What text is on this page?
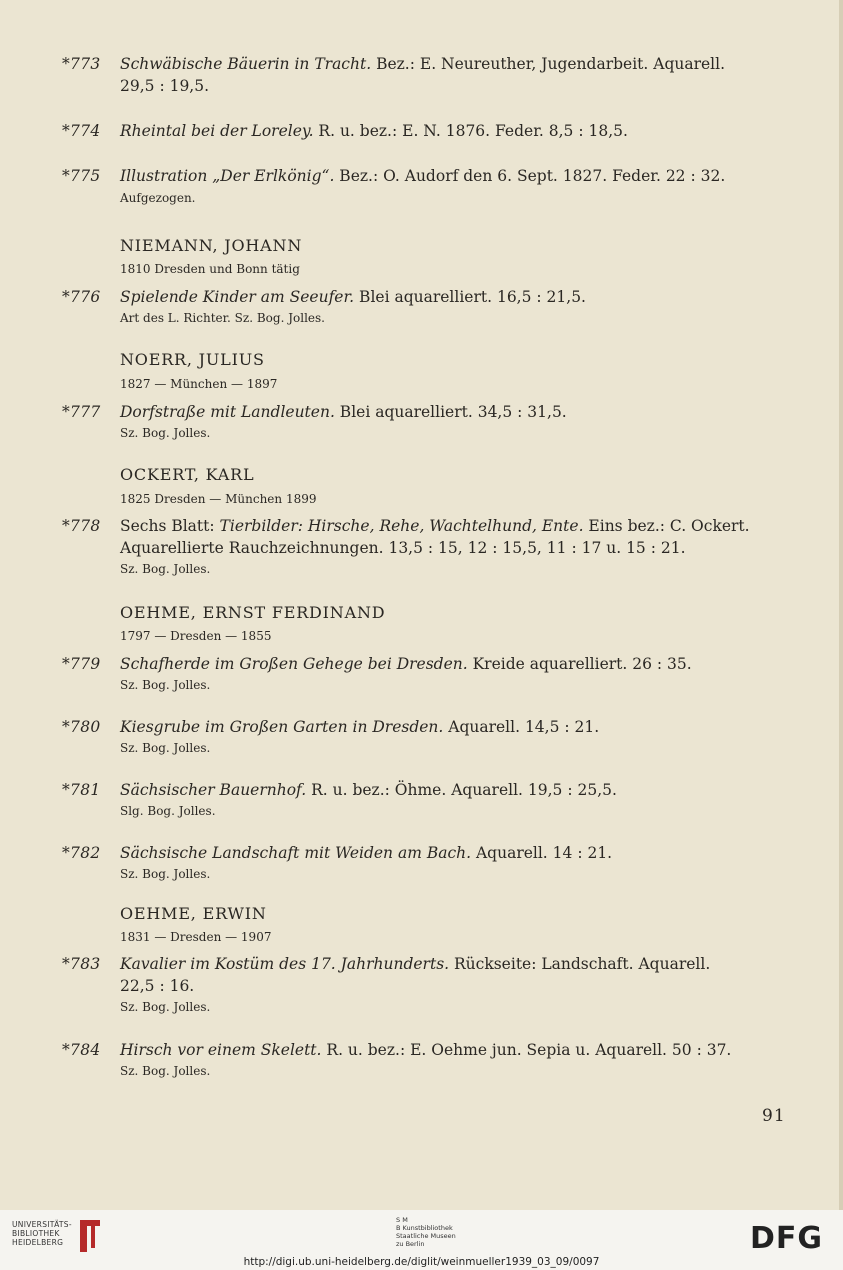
*773 Schwäbische Bäuerin in Tracht. Bez.: E. Neureuther, Jugendarbeit. Aquarell.
29,5 : 19,5.
*774 Rheintal bei der Loreley. R. u. bez.: E. N. 1876. Feder. 8,5 : 18,5.
*775 Illustration „Der Erlkönig“. Bez.: O. Audorf den 6. Sept. 1827. Feder. 22 : 32.
Aufgezogen.
NIEMANN, JOHANN
1810 Dresden und Bonn tätig
*776 Spielende Kinder am Seeufer. Blei aquarelliert. 16,5 : 21,5.
Art des L. Richter. Sz. Bog. Jolles.
NOERR, JULIUS
1827 — München — 1897
*777 Dorfstraße mit Landleuten. Blei aquarelliert. 34,5 : 31,5.
Sz. Bog. Jolles.
OCKERT, KARL
1825 Dresden — München 1899
*778 Sechs Blatt: Tierbilder: Hirsche, Rehe, Wachtelhund, Ente. Eins bez.: C. Ockert.
Aquarellierte Rauchzeichnungen. 13,5 : 15, 12 : 15,5, 11 : 17 u. 15 : 21.
Sz. Bog. Jolles.
OEHME, ERNST FERDINAND
1797 — Dresden — 1855
*779 Schafherde im Großen Gehege bei Dresden. Kreide aquarelliert. 26 : 35.
Sz. Bog. Jolles.
*780 Kiesgrube im Großen Garten in Dresden. Aquarell. 14,5 : 21.
Sz. Bog. Jolles.
*781 Sächsischer Bauernhof. R. u. bez.: Öhme. Aquarell. 19,5 : 25,5.
Slg. Bog. Jolles.
*782 Sächsische Landschaft mit Weiden am Bach. Aquarell. 14 : 21.
Sz. Bog. Jolles.
OEHME, ERWIN
1831 — Dresden — 1907
*783 Kavalier im Kostüm des 17. Jahrhunderts. Rückseite: Landschaft. Aquarell.
22,5 : 16.
Sz. Bog. Jolles.
*784 Hirsch vor einem Skelett. R. u. bez.: E. Oehme jun. Sepia u. Aquarell. 50 : 37.
Sz. Bog. Jolles.
91
UNIVERSITÄTS-
BIBLIOTHEK
HEIDELBERG
S M
B Kunstbibliothek
Staatliche Museen
zu Berlin	DFG
http://digi.ub.uni-heidelberg.de/diglit/weinmueller1939_03_09/0097
